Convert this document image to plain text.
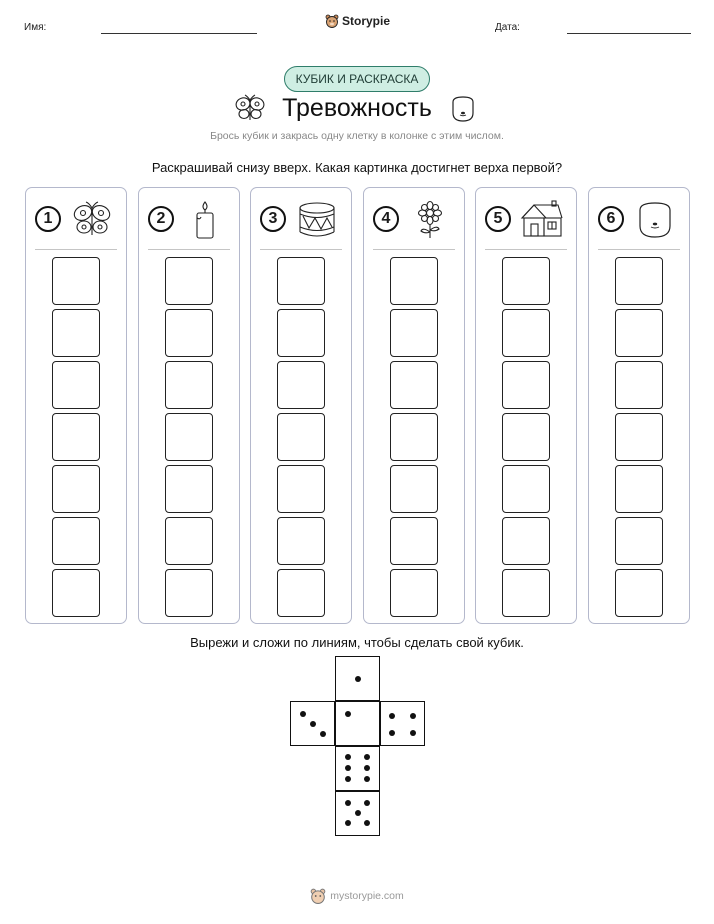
Имя:	Storypie	Дата:
КУБИК И РАСКРАСКА
Тревожность
Брось кубик и закрась одну клетку в колонке с этим числом.
Раскрашивай снизу вверх. Какая картинка достигнет верха первой?
1	2	3	4	5	6
Вырежи и сложи по линиям, чтобы сделать свой кубик.
mystorypie.com
